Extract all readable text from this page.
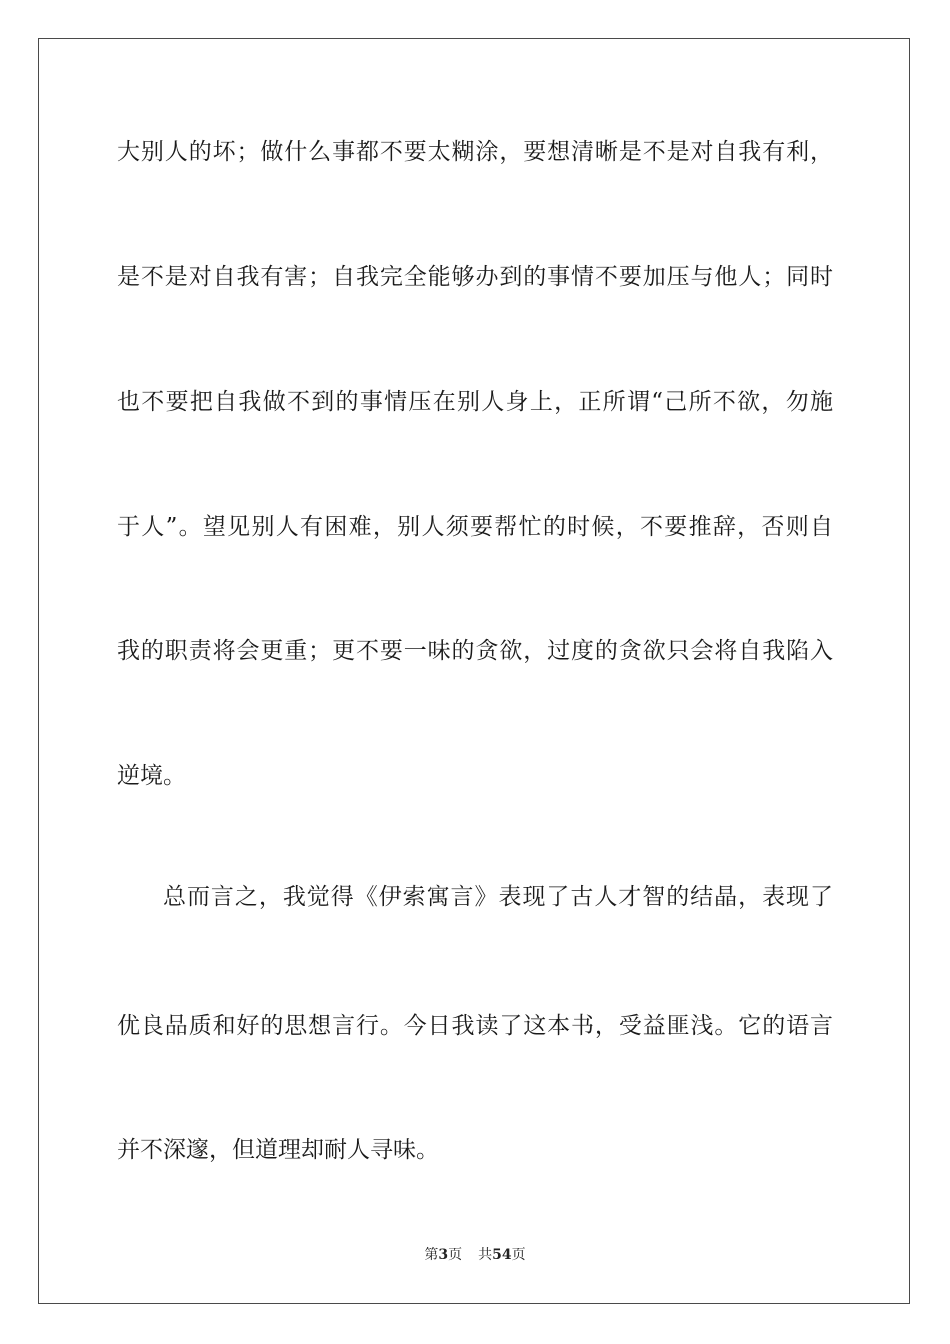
大别人的坏；做什么事都不要太糊涂，要想清晰是不是对自我有利，
是不是对自我有害；自我完全能够办到的事情不要加压与他人；同时
也不要把自我做不到的事情压在别人身上，正所谓“己所不欲，勿施
于人”。望见别人有困难，别人须要帮忙的时候，不要推辞，否则自
我的职责将会更重；更不要一味的贪欲，过度的贪欲只会将自我陷入
逆境。
总而言之，我觉得《伊索寓言》表现了古人才智的结晶，表现了
优良品质和好的思想言行。今日我读了这本书，受益匪浅。它的语言
并不深邃，但道理却耐人寻味。
第3页 共54页
